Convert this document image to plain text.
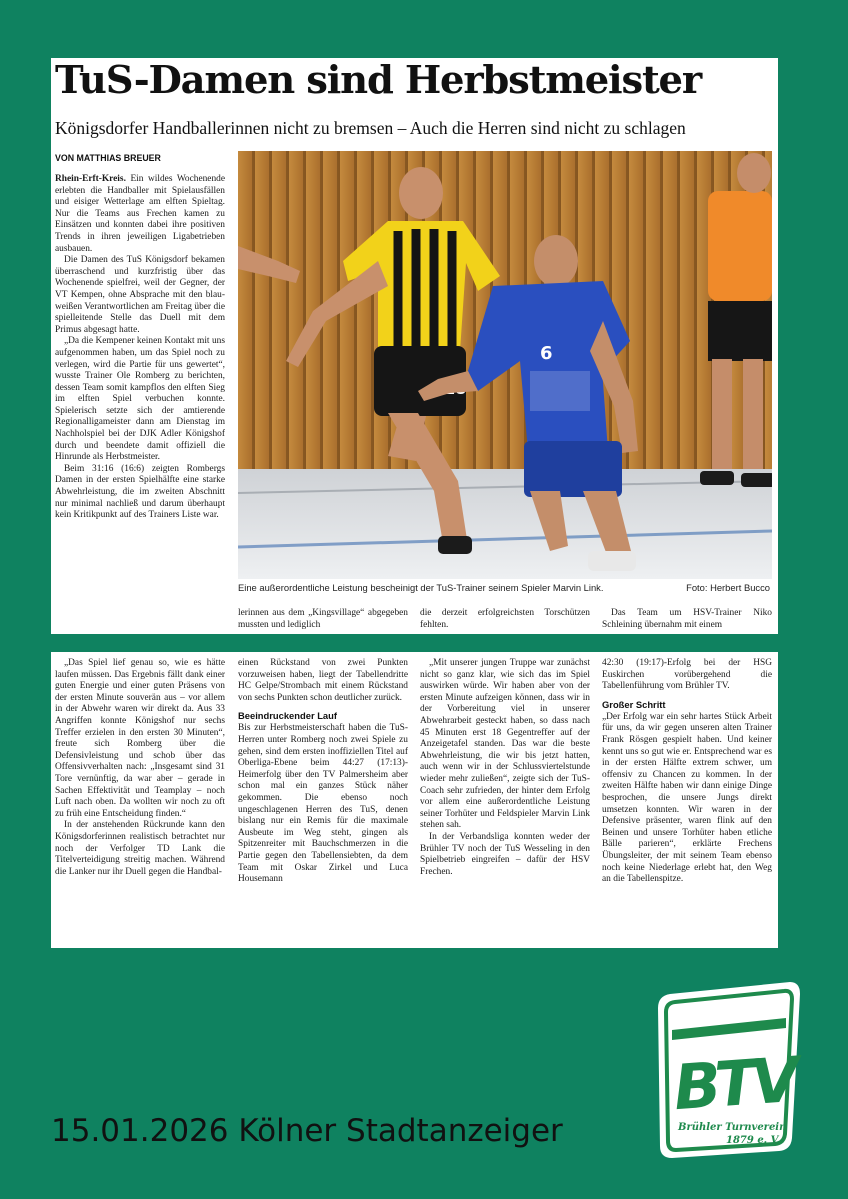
TuS-Damen sind Herbstmeister
Königsdorfer Handballerinnen nicht zu bremsen – Auch die Herren sind nicht zu schlagen
VON MATTHIAS BREUER

Rhein-Erft-Kreis. Ein wildes Wochenende erlebten die Handballer mit Spielausfällen und eisiger Wetterlage am elften Spieltag. Nur die Teams aus Frechen kamen zu Einsätzen und konnten dabei ihre positiven Trends in ihren jeweiligen Ligabetrieben ausbauen.

Die Damen des TuS Königsdorf bekamen überraschend und kurzfristig über das Wochenende spielfrei, weil der Gegner, der VT Kempen, ohne Absprache mit den blau-weißen Verantwortlichen am Freitag über die spielleitende Stelle das Duell mit dem Primus abgesagt hatte.

„Da die Kempener keinen Kontakt mit uns aufgenommen haben, um das Spiel noch zu verlegen, wird die Partie für uns gewertet“, wusste Trainer Ole Romberg zu berichten, dessen Team somit kampflos den elften Sieg im elften Spiel verbuchen konnte. Spielerisch setzte sich der amtierende Regionalligameister dann am Dienstag im Nachholspiel bei der DJK Adler Königshof durch und beendete damit offiziell die Hinrunde als Herbstmeister.

Beim 31:16 (16:6) zeigten Rombergs Damen in der ersten Spielhälfte eine starke Abwehrleistung, die im zweiten Abschnitt nur minimal nachließ und darum überhaupt kein Kritikpunkt auf des Trainers Liste war.

6
Eine außerordentliche Leistung bescheinigt der TuS-Trainer seinem Spieler Marvin Link.	Foto: Herbert Bucco

lerinnen aus dem „Kingsvillage“ abgegeben mussten und lediglich

die derzeit erfolgreichsten Torschützen fehlten.

Das Team um HSV-Trainer Niko Schleining übernahm mit einem

„Das Spiel lief genau so, wie es hätte laufen müssen. Das Ergebnis fällt dank einer guten Energie und einer guten Präsens von der ersten Minute souverän aus – vor allem in der Abwehr waren wir direkt da. Aus 33 Angriffen konnte Königshof nur sechs Treffer erzielen in den ersten 30 Minuten“, freute sich Romberg über die Defensivleistung und schob über das Offensivverhalten nach: „Insgesamt sind 31 Tore vernünftig, da war aber – gerade in Sachen Effektivität und Teamplay – noch Luft nach oben. Da wollten wir noch zu oft zu früh eine Entscheidung finden.“

In der anstehenden Rückrunde kann den Königsdorferinnen realistisch betrachtet nur noch der Verfolger TD Lank die Titelverteidigung streitig machen. Während die Lanker nur ihr Duell gegen die Handbal-

einen Rückstand von zwei Punkten vorzuweisen haben, liegt der Tabellendritte HC Gelpe/Strombach mit einem Rückstand von sechs Punkten schon deutlicher zurück.

Beeindruckender Lauf

Bis zur Herbstmeisterschaft haben die TuS-Herren unter Romberg noch zwei Spiele zu gehen, sind dem ersten inoffiziellen Titel auf Oberliga-Ebene beim 44:27 (17:13)-Heimerfolg über den TV Palmersheim aber schon mal ein ganzes Stück näher gekommen. Die ebenso noch ungeschlagenen Herren des TuS, denen bislang nur ein Remis für die maximale Ausbeute im Weg steht, gingen als Spitzenreiter mit Bauchschmerzen in die Partie gegen den Tabellensiebten, da dem Team mit Oskar Zirkel und Luca Housemann

„Mit unserer jungen Truppe war zunächst nicht so ganz klar, wie sich das im Spiel auswirken würde. Wir haben aber von der ersten Minute aufzeigen können, dass wir in der Vorbereitung viel in unserer Abwehrarbeit gesteckt haben, so dass nach 45 Minuten erst 18 Gegentreffer auf der Anzeigetafel standen. Das war die beste Abwehrleistung, die wir bis jetzt hatten, auch wenn wir in der Schlussviertelstunde wieder mehr zuließen“, zeigte sich der TuS-Coach sehr zufrieden, der hinter dem Erfolg vor allem eine außerordentliche Leistung seiner Torhüter und Feldspieler Marvin Link stehen sah.

In der Verbandsliga konnten weder der Brühler TV noch der TuS Wesseling in den Spielbetrieb eingreifen – dafür der HSV Frechen.

42:30 (19:17)-Erfolg bei der HSG Euskirchen vorübergehend die Tabellenführung vom Brühler TV.

Großer Schritt

„Der Erfolg war ein sehr hartes Stück Arbeit für uns, da wir gegen unseren alten Trainer Frank Rösgen gespielt haben. Und keiner kennt uns so gut wie er. Entsprechend war es in der ersten Hälfte extrem schwer, um offensiv zu Chancen zu kommen. In der zweiten Hälfte haben wir dann einige Dinge besprochen, die unsere Jungs direkt umsetzen konnten. Wir waren in der Defensive präsenter, waren flink auf den Beinen und unsere Torhüter haben etliche Bälle parieren“, erklärte Frechens Übungsleiter, der mit seinem Team ebenso noch keine Niederlage erlebt hat, den Weg an die Tabellenspitze.

15.01.2026 Kölner Stadtanzeiger
BTV
Brühler Turnverein
1879 e. V.
